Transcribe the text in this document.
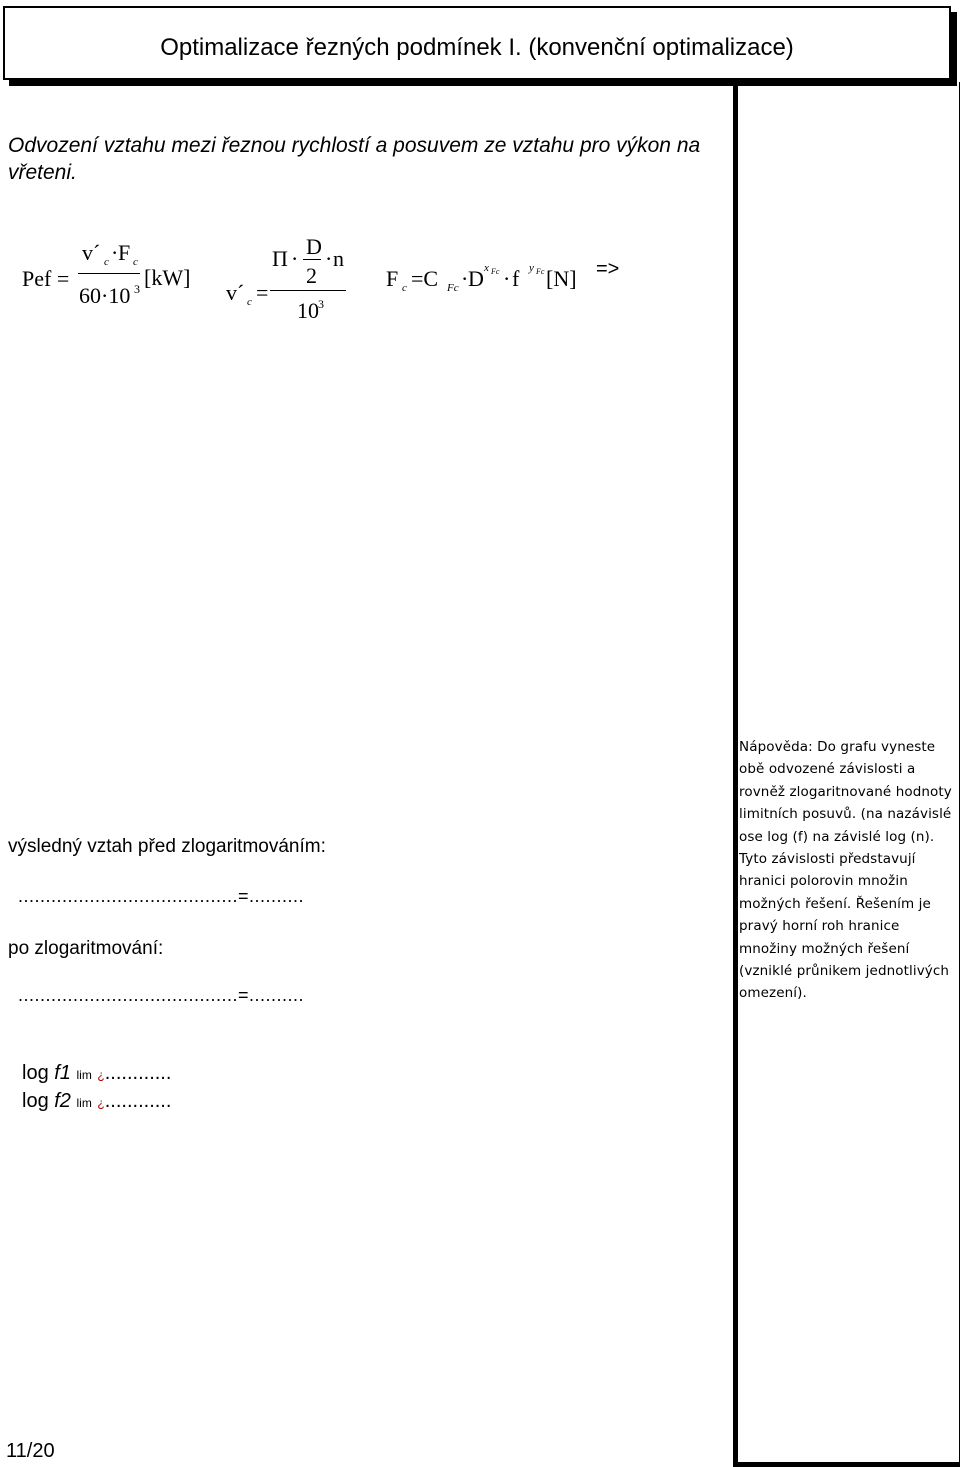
Optimalizace řezných podmínek I. (konvenční optimalizace)
Odvození vztahu mezi řeznou rychlostí a posuvem ze vztahu pro výkon na vřeteni.
Pef =
v´ c · F c
60·10 3 [kW]
v´ c =
Π · D
2
· n
10 3
F c =C Fc · D x Fc · f y Fc [N] =>
Nápověda: Do grafu vyneste obě odvozené závislosti a rovněž zlogaritnované hodnoty limitních posuvů. (na nazávislé ose log (f) na závislé log (n). Tyto závislosti představují hranici polorovin množin možných řešení. Řešením je pravý horní roh hranice množiny možných řešení (vzniklé průnikem jednotlivých omezení).
výsledný vztah před zlogaritmováním:
........................................=..........
po zlogaritmování:
........................................=..........
log f1 lim ¿............
log f2 lim ¿............
11/20
